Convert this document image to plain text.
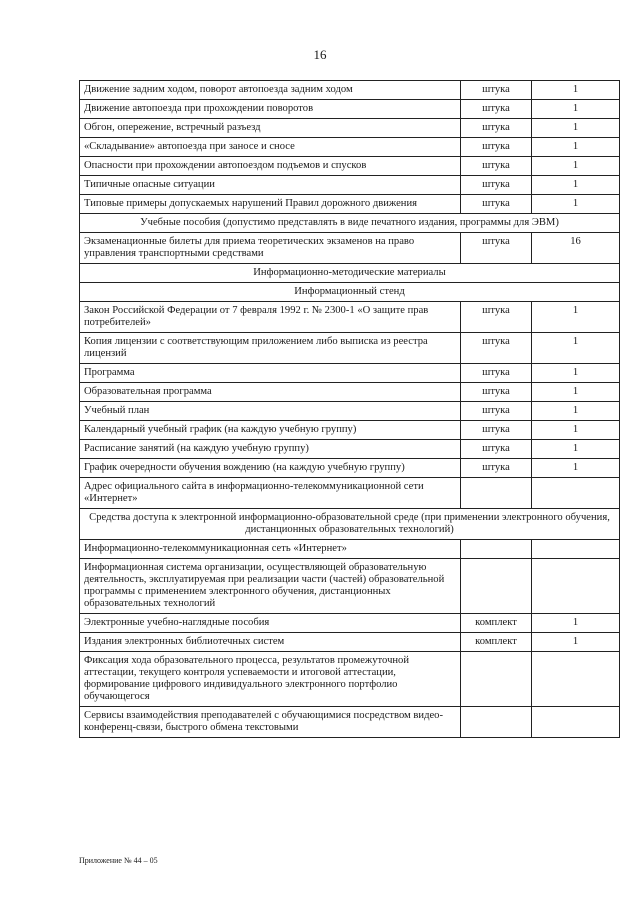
16
Движение задним ходом, поворот автопоезда задним ходом	штука	1
Движение автопоезда при прохождении поворотов	штука	1
Обгон, опережение, встречный разъезд	штука	1
«Складывание» автопоезда при заносе и сносе	штука	1
Опасности при прохождении автопоездом подъемов и спусков	штука	1
Типичные опасные ситуации	штука	1
Типовые примеры допускаемых нарушений Правил дорожного движения	штука	1
Учебные пособия (допустимо представлять в виде печатного издания, программы для ЭВМ)		
Экзаменационные билеты для приема теоретических экзаменов на право управления транспортными средствами	штука	16
Информационно-методические материалы		
Информационный стенд		
Закон Российской Федерации от 7 февраля 1992 г. № 2300-1 «О защите прав потребителей»	штука	1
Копия лицензии с соответствующим приложением либо выписка из реестра лицензий	штука	1
Программа	штука	1
Образовательная программа	штука	1
Учебный план	штука	1
Календарный учебный график (на каждую учебную группу)	штука	1
Расписание занятий (на каждую учебную группу)	штука	1
График очередности обучения вождению (на каждую учебную группу)	штука	1
Адрес официального сайта в информационно-телекоммуникационной сети «Интернет»		
Средства доступа к электронной информационно-образовательной среде (при применении электронного обучения, дистанционных образовательных технологий)		
Информационно-телекоммуникационная сеть «Интернет»		
Информационная система организации, осуществляющей образовательную деятельность, эксплуатируемая при реализации части (частей) образовательной программы с применением электронного обучения, дистанционных образовательных технологий		
Электронные учебно-наглядные пособия	комплект	1
Издания электронных библиотечных систем	комплект	1
Фиксация хода образовательного процесса, результатов промежуточной аттестации, текущего контроля успеваемости и итоговой аттестации, формирование цифрового индивидуального электронного портфолио обучающегося		
Сервисы взаимодействия преподавателей с обучающимися посредством видео-конференц-связи, быстрого обмена текстовыми		
Приложение № 44 – 05
